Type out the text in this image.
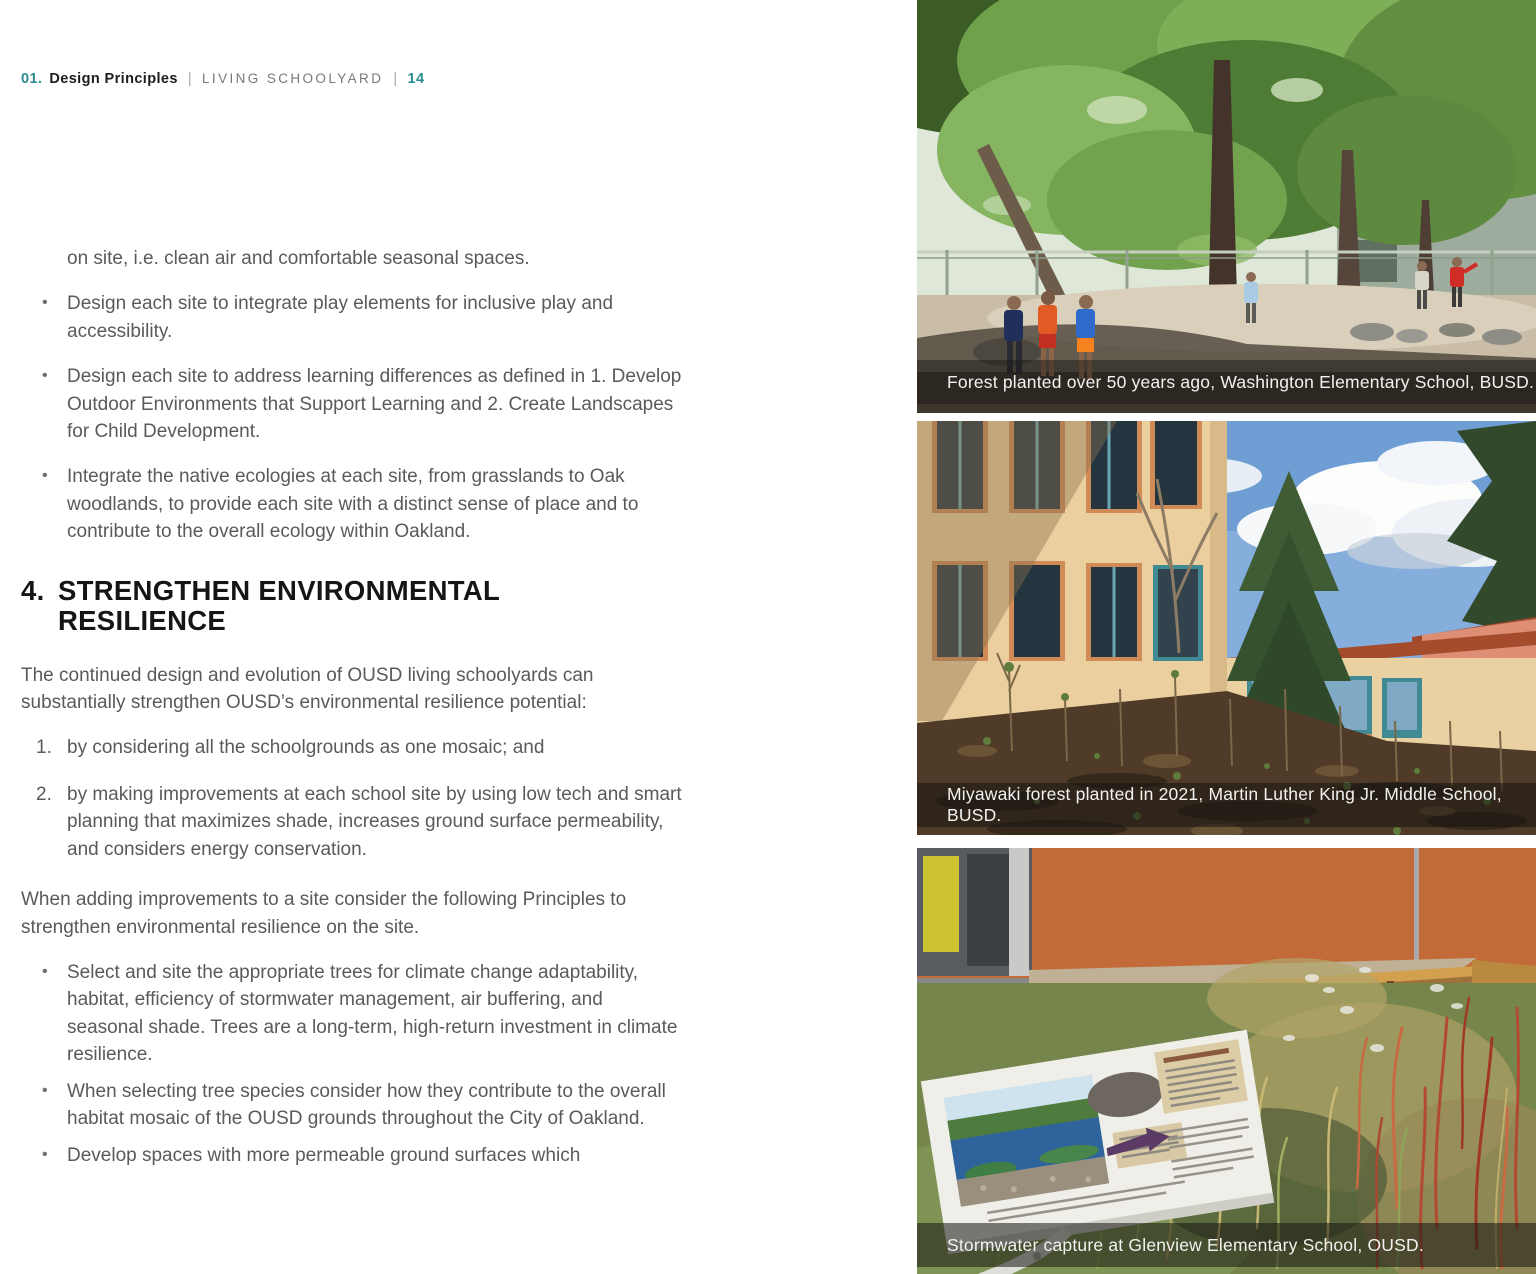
01. Design Principles | LIVING SCHOOLYARD | 14
on site, i.e. clean air and comfortable seasonal spaces.
• Design each site to integrate play elements for inclusive play and accessibility.
• Design each site to address learning differences as defined in 1. Develop Outdoor Environments that Support Learning and 2. Create Landscapes for Child Development.
• Integrate the native ecologies at each site, from grasslands to Oak woodlands, to provide each site with a distinct sense of place and to contribute to the overall ecology within Oakland.
4. STRENGTHEN ENVIRONMENTAL
RESILIENCE
The continued design and evolution of OUSD living schoolyards can substantially strengthen OUSD’s environmental resilience potential:
1. by considering all the schoolgrounds as one mosaic; and
2. by making improvements at each school site by using low tech and smart planning that maximizes shade, increases ground surface permeability, and considers energy conservation.
When adding improvements to a site consider the following Principles to strengthen environmental resilience on the site.
• Select and site the appropriate trees for climate change adaptability, habitat, efficiency of stormwater management, air buffering, and seasonal shade. Trees are a long-term, high-return investment in climate resilience.
• When selecting tree species consider how they contribute to the overall habitat mosaic of the OUSD grounds throughout the City of Oakland.
• Develop spaces with more permeable ground surfaces which
Forest planted over 50 years ago, Washington Elementary School, BUSD.
Miyawaki forest planted in 2021, Martin Luther King Jr. Middle School, BUSD.
Stormwater capture at Glenview Elementary School, OUSD.
